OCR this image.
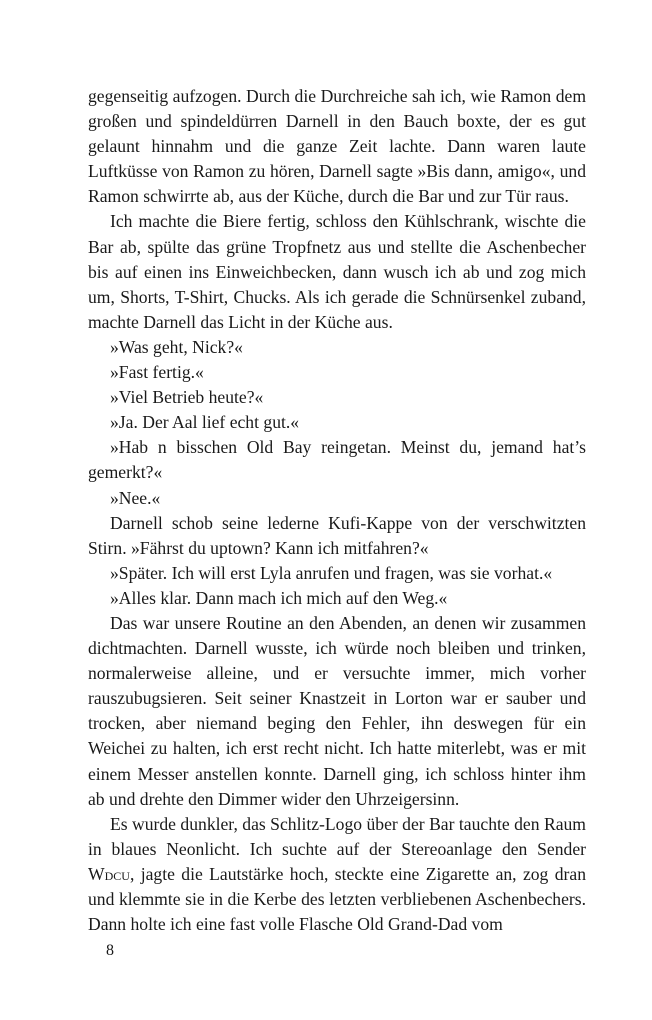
gegenseitig aufzogen. Durch die Durchreiche sah ich, wie Ramon dem großen und spindeldürren Darnell in den Bauch boxte, der es gut gelaunt hinnahm und die ganze Zeit lachte. Dann waren laute Luftküsse von Ramon zu hören, Darnell sagte »Bis dann, amigo«, und Ramon schwirrte ab, aus der Küche, durch die Bar und zur Tür raus.

Ich machte die Biere fertig, schloss den Kühlschrank, wischte die Bar ab, spülte das grüne Tropfnetz aus und stellte die Aschenbecher bis auf einen ins Einweichbecken, dann wusch ich ab und zog mich um, Shorts, T-Shirt, Chucks. Als ich gerade die Schnürsenkel zuband, machte Darnell das Licht in der Küche aus.

»Was geht, Nick?«

»Fast fertig.«

»Viel Betrieb heute?«

»Ja. Der Aal lief echt gut.«

»Hab n bisschen Old Bay reingetan. Meinst du, jemand hat’s gemerkt?«

»Nee.«

Darnell schob seine lederne Kufi-Kappe von der verschwitzten Stirn. »Fährst du uptown? Kann ich mitfahren?«

»Später. Ich will erst Lyla anrufen und fragen, was sie vorhat.«

»Alles klar. Dann mach ich mich auf den Weg.«

Das war unsere Routine an den Abenden, an denen wir zusammen dichtmachten. Darnell wusste, ich würde noch bleiben und trinken, normalerweise alleine, und er versuchte immer, mich vorher rauszubugsieren. Seit seiner Knastzeit in Lorton war er sauber und trocken, aber niemand beging den Fehler, ihn deswegen für ein Weichei zu halten, ich erst recht nicht. Ich hatte miterlebt, was er mit einem Messer anstellen konnte. Darnell ging, ich schloss hinter ihm ab und drehte den Dimmer wider den Uhrzeigersinn.

Es wurde dunkler, das Schlitz-Logo über der Bar tauchte den Raum in blaues Neonlicht. Ich suchte auf der Stereoanlage den Sender Wdcu, jagte die Lautstärke hoch, steckte eine Zigarette an, zog dran und klemmte sie in die Kerbe des letzten verbliebenen Aschenbechers. Dann holte ich eine fast volle Flasche Old Grand-Dad vom

8
